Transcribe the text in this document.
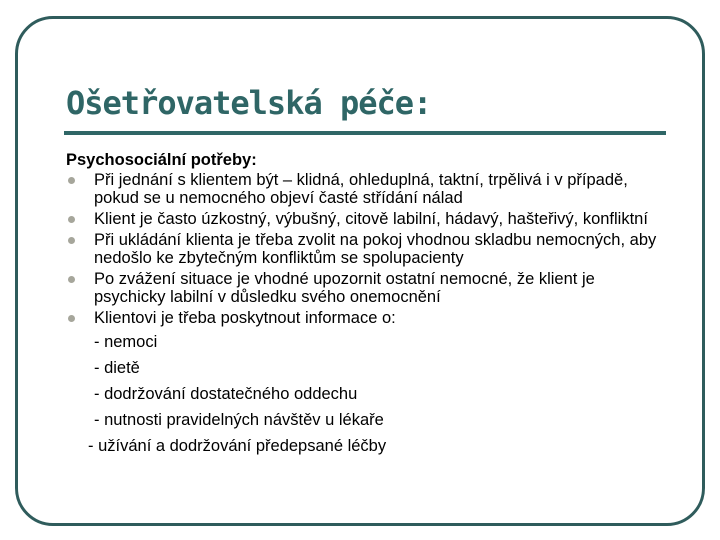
Ošetřovatelská péče:

Psychosociální potřeby:

Při jednání s klientem být – klidná, ohleduplná, taktní, trpělivá i v případě, pokud se u nemocného objeví časté střídání nálad
Klient je často úzkostný, výbušný, citově labilní, hádavý, hašteřivý, konfliktní
Při ukládání klienta je třeba zvolit na pokoj vhodnou skladbu nemocných, aby nedošlo ke zbytečným konfliktům se spolupacienty
Po zvážení situace je vhodné upozornit ostatní nemocné, že klient je psychicky labilní v důsledku svého onemocnění
Klientovi je třeba poskytnout informace o:
- nemoci
- dietě
- dodržování dostatečného oddechu
- nutnosti pravidelných návštěv u lékaře
- užívání a dodržování předepsané léčby
